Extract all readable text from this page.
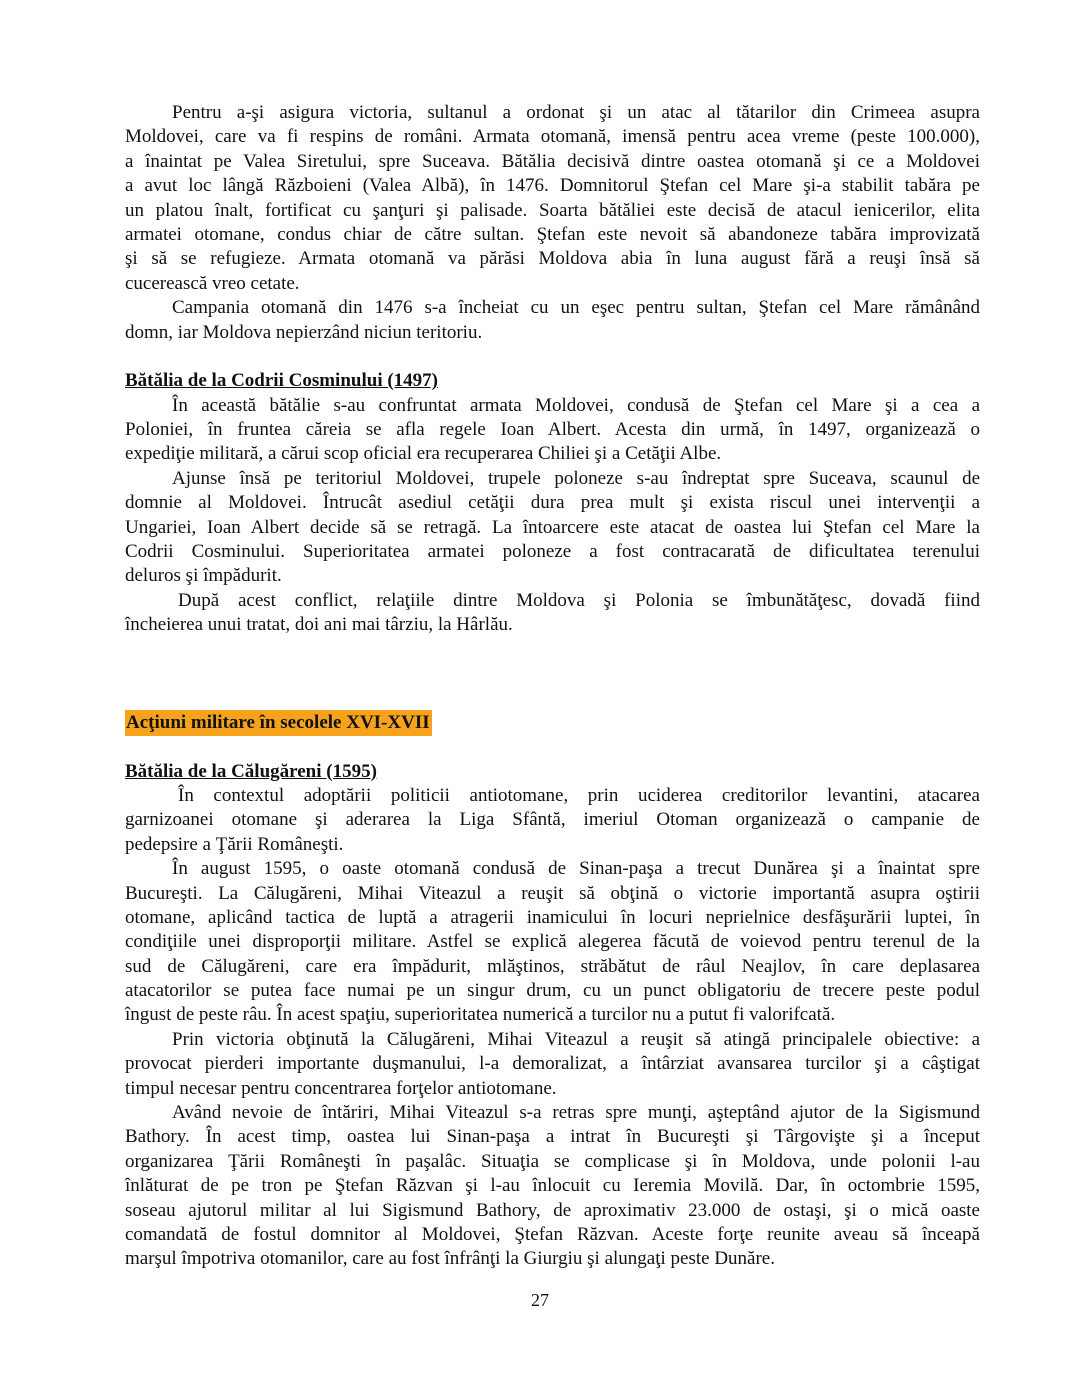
Pentru a-şi asigura victoria, sultanul a ordonat şi un atac al tătarilor din Crimeea asupra
Moldovei, care va fi respins de români. Armata otomană, imensă pentru acea vreme (peste 100.000),
a înaintat pe Valea Siretului, spre Suceava. Bătălia decisivă dintre oastea otomană şi ce a Moldovei
a avut loc lângă Războieni (Valea Albă), în 1476. Domnitorul Ştefan cel Mare şi-a stabilit tabăra pe
un platou înalt, fortificat cu şanţuri şi palisade. Soarta bătăliei este decisă de atacul ienicerilor, elita
armatei otomane, condus chiar de către sultan. Ştefan este nevoit să abandoneze tabăra improvizată
şi să se refugieze. Armata otomană va părăsi Moldova abia în luna august fără a reuşi însă să
cucerească vreo cetate.
Campania otomană din 1476 s-a încheiat cu un eşec pentru sultan, Ştefan cel Mare rămânând
domn, iar Moldova nepierzând niciun teritoriu.
Bătălia de la Codrii Cosminului (1497)
În această bătălie s-au confruntat armata Moldovei, condusă de Ştefan cel Mare şi a cea a
Poloniei, în fruntea căreia se afla regele Ioan Albert. Acesta din urmă, în 1497, organizează o
expediţie militară, a cărui scop oficial era recuperarea Chiliei şi a Cetăţii Albe.
Ajunse însă pe teritoriul Moldovei, trupele poloneze s-au îndreptat spre Suceava, scaunul de
domnie al Moldovei. Întrucât asediul cetăţii dura prea mult şi exista riscul unei intervenţii a
Ungariei, Ioan Albert decide să se retragă. La întoarcere este atacat de oastea lui Ştefan cel Mare la
Codrii Cosminului. Superioritatea armatei poloneze a fost contracarată de dificultatea terenului
deluros şi împădurit.
După acest conflict, relaţiile dintre Moldova şi Polonia se îmbunătăţesc, dovadă fiind
încheierea unui tratat, doi ani mai târziu, la Hârlău.
Acţiuni militare în secolele XVI-XVII
Bătălia de la Călugăreni (1595)
În contextul adoptării politicii antiotomane, prin uciderea creditorilor levantini, atacarea
garnizoanei otomane şi aderarea la Liga Sfântă, imeriul Otoman organizează o campanie de
pedepsire a Ţării Româneşti.
În august 1595, o oaste otomană condusă de Sinan-paşa a trecut Dunărea şi a înaintat spre
Bucureşti. La Călugăreni, Mihai Viteazul a reuşit să obţină o victorie importantă asupra oştirii
otomane, aplicând tactica de luptă a atragerii inamicului în locuri neprielnice desfăşurării luptei, în
condiţiile unei disproporţii militare. Astfel se explică alegerea făcută de voievod pentru terenul de la
sud de Călugăreni, care era împădurit, mlăştinos, străbătut de râul Neajlov, în care deplasarea
atacatorilor se putea face numai pe un singur drum, cu un punct obligatoriu de trecere peste podul
îngust de peste râu. În acest spaţiu, superioritatea numerică a turcilor nu a putut fi valorifcată.
Prin victoria obţinută la Călugăreni, Mihai Viteazul a reuşit să atingă principalele obiective: a
provocat pierderi importante duşmanului, l-a demoralizat, a întârziat avansarea turcilor şi a câştigat
timpul necesar pentru concentrarea forţelor antiotomane.
Având nevoie de întăriri, Mihai Viteazul s-a retras spre munţi, aşteptând ajutor de la Sigismund
Bathory. În acest timp, oastea lui Sinan-paşa a intrat în Bucureşti şi Târgovişte şi a început
organizarea Ţării Româneşti în paşalâc. Situaţia se complicase şi în Moldova, unde polonii l-au
înlăturat de pe tron pe Ştefan Răzvan şi l-au înlocuit cu Ieremia Movilă. Dar, în octombrie 1595,
soseau ajutorul militar al lui Sigismund Bathory, de aproximativ 23.000 de ostaşi, şi o mică oaste
comandată de fostul domnitor al Moldovei, Ştefan Răzvan. Aceste forţe reunite aveau să înceapă
marşul împotriva otomanilor, care au fost înfrânţi la Giurgiu şi alungaţi peste Dunăre.
27
